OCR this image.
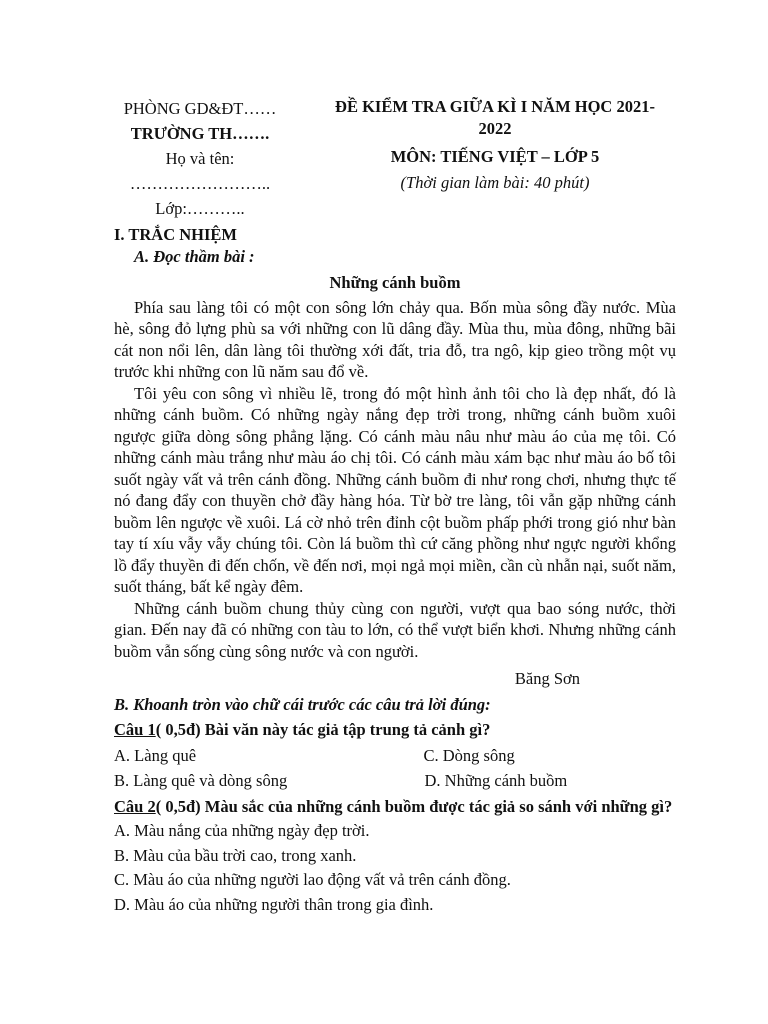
PHÒNG GD&ĐT……
TRƯỜNG TH…….
Họ và tên:
……………………..
Lớp:………..
ĐỀ KIỂM TRA GIỮA KÌ I NĂM HỌC 2021-2022
MÔN: TIẾNG VIỆT – LỚP 5
(Thời gian làm bài: 40 phút)
I. TRẮC NHIỆM
A. Đọc thầm bài :
Những cánh buồm

Phía sau làng tôi có một con sông lớn chảy qua. Bốn mùa sông đầy nước. Mùa hè, sông đỏ lựng phù sa với những con lũ dâng đầy. Mùa thu, mùa đông, những bãi cát non nổi lên, dân làng tôi thường xới đất, tria đỗ, tra ngô, kịp gieo trồng một vụ trước khi những con lũ năm sau đổ về.

Tôi yêu con sông vì nhiều lẽ, trong đó một hình ảnh tôi cho là đẹp nhất, đó là những cánh buồm. Có những ngày nắng đẹp trời trong, những cánh buồm xuôi ngược giữa dòng sông phẳng lặng. Có cánh màu nâu như màu áo của mẹ tôi. Có những cánh màu trắng như màu áo chị tôi. Có cánh màu xám bạc như màu áo bố tôi suốt ngày vất vả trên cánh đồng. Những cánh buồm đi như rong chơi, nhưng thực tế nó đang đẩy con thuyền chở đầy hàng hóa. Từ bờ tre làng, tôi vẫn gặp những cánh buồm lên ngược về xuôi. Lá cờ nhỏ trên đỉnh cột buồm phấp phới trong gió như bàn tay tí xíu vẫy vẫy chúng tôi. Còn lá buồm thì cứ căng phồng như ngực người khổng lồ đẩy thuyền đi đến chốn, về đến nơi, mọi ngả mọi miền, cần cù nhẫn nại, suốt năm, suốt tháng, bất kể ngày đêm.

Những cánh buồm chung thủy cùng con người, vượt qua bao sóng nước, thời gian. Đến nay đã có những con tàu to lớn, có thể vượt biển khơi. Nhưng những cánh buồm vẫn sống cùng sông nước và con người.

Băng Sơn
B. Khoanh tròn vào chữ cái trước các câu trả lời đúng:
Câu 1( 0,5đ) Bài văn này tác giả tập trung tả cảnh gì?
A. Làng quê	C. Dòng sông
B. Làng quê và dòng sông	D. Những cánh buồm
Câu 2( 0,5đ) Màu sắc của những cánh buồm được tác giả so sánh với những gì?
A. Màu nắng của những ngày đẹp trời.
B. Màu của bầu trời cao, trong xanh.
C. Màu áo của những người lao động vất vả trên cánh đồng.
D. Màu áo của những người thân trong gia đình.
